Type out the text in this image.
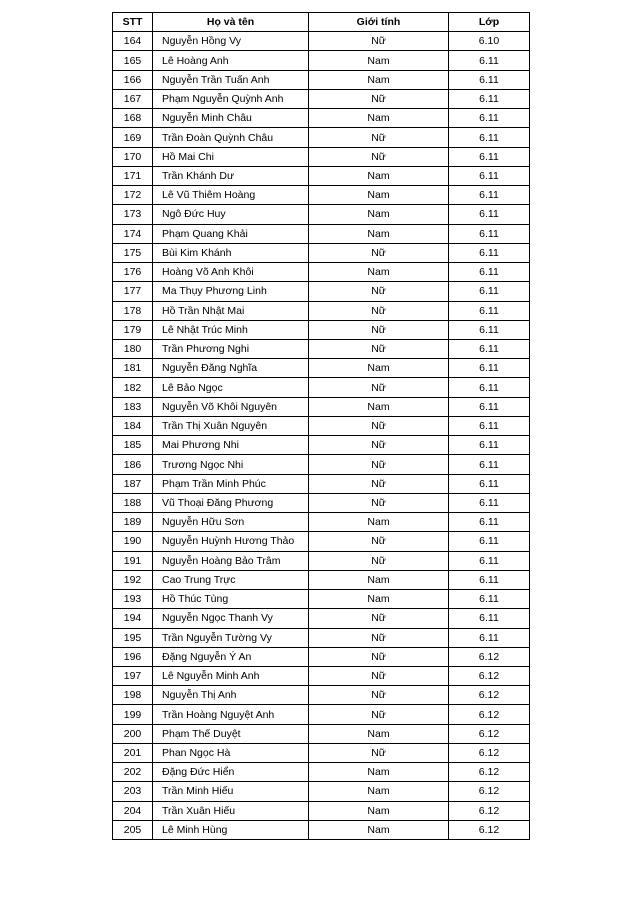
STT	Họ và tên	Giới tính	Lớp
164	Nguyễn Hồng Vy	Nữ	6.10
165	Lê Hoàng Anh	Nam	6.11
166	Nguyễn Trần Tuấn Anh	Nam	6.11
167	Phạm Nguyễn Quỳnh Anh	Nữ	6.11
168	Nguyễn Minh Châu	Nam	6.11
169	Trần Đoàn Quỳnh Châu	Nữ	6.11
170	Hồ Mai Chi	Nữ	6.11
171	Trần Khánh Dư	Nam	6.11
172	Lê Vũ Thiêm Hoàng	Nam	6.11
173	Ngô Đức Huy	Nam	6.11
174	Phạm Quang Khải	Nam	6.11
175	Bùi Kim Khánh	Nữ	6.11
176	Hoàng Võ Anh Khôi	Nam	6.11
177	Ma Thụy Phương Linh	Nữ	6.11
178	Hồ Trần Nhật Mai	Nữ	6.11
179	Lê Nhật Trúc Minh	Nữ	6.11
180	Trần Phương Nghi	Nữ	6.11
181	Nguyễn Đăng Nghĩa	Nam	6.11
182	Lê Bảo Ngọc	Nữ	6.11
183	Nguyễn Võ Khôi Nguyên	Nam	6.11
184	Trần Thị Xuân Nguyên	Nữ	6.11
185	Mai Phương Nhi	Nữ	6.11
186	Trương Ngọc Nhi	Nữ	6.11
187	Phạm Trần Minh Phúc	Nữ	6.11
188	Vũ Thoại Đăng Phương	Nữ	6.11
189	Nguyễn Hữu Sơn	Nam	6.11
190	Nguyễn Huỳnh Hương Thảo	Nữ	6.11
191	Nguyễn Hoàng Bảo Trâm	Nữ	6.11
192	Cao Trung Trực	Nam	6.11
193	Hồ Thúc Tùng	Nam	6.11
194	Nguyễn Ngọc Thanh Vy	Nữ	6.11
195	Trần Nguyễn Tường Vy	Nữ	6.11
196	Đặng Nguyễn Ý An	Nữ	6.12
197	Lê Nguyễn Minh Anh	Nữ	6.12
198	Nguyễn Thị Anh	Nữ	6.12
199	Trần Hoàng Nguyệt Anh	Nữ	6.12
200	Phạm Thế Duyệt	Nam	6.12
201	Phan Ngọc Hà	Nữ	6.12
202	Đặng Đức Hiển	Nam	6.12
203	Trần Minh Hiếu	Nam	6.12
204	Trần Xuân Hiếu	Nam	6.12
205	Lê Minh Hùng	Nam	6.12
